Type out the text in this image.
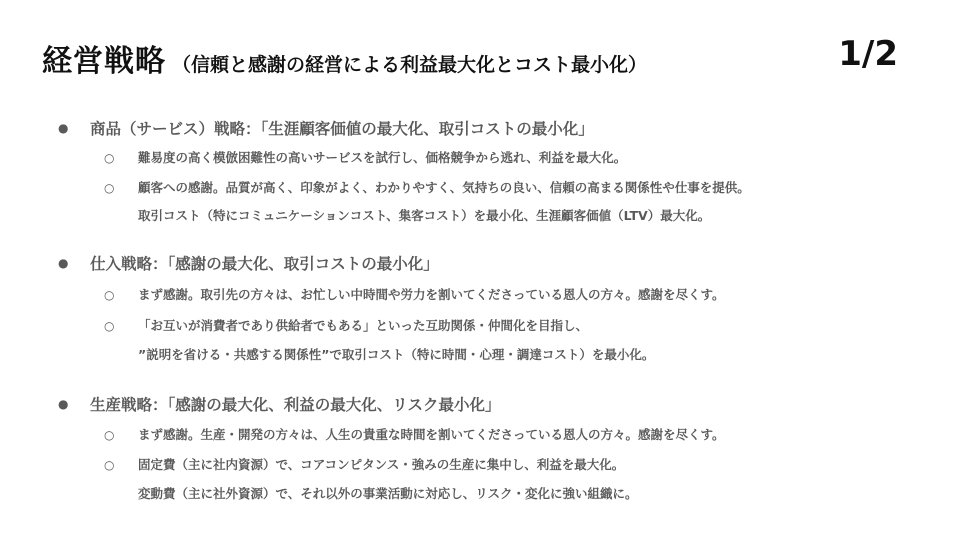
経営戦略 （信頼と感謝の経営による利益最大化とコスト最小化）	1/2
● 商品（サービス）戦略：「生涯顧客価値の最大化、取引コストの最小化」
○ 難易度の高く模倣困難性の高いサービスを試行し、価格競争から逃れ、利益を最大化。
○ 顧客への感謝。品質が高く、印象がよく、わかりやすく、気持ちの良い、信頼の高まる関係性や仕事を提供。
取引コスト（特にコミュニケーションコスト、集客コスト）を最小化、生涯顧客価値（LTV）最大化。
● 仕入戦略：「感謝の最大化、取引コストの最小化」
○ まず感謝。取引先の方々は、お忙しい中時間や労力を割いてくださっている恩人の方々。感謝を尽くす。
○ 「お互いが消費者であり供給者でもある」といった互助関係・仲間化を目指し、
”説明を省ける・共感する関係性”で取引コスト（特に時間・心理・調達コスト）を最小化。
● 生産戦略：「感謝の最大化、利益の最大化、リスク最小化」
○ まず感謝。生産・開発の方々は、人生の貴重な時間を割いてくださっている恩人の方々。感謝を尽くす。
○ 固定費（主に社内資源）で、コアコンピタンス・強みの生産に集中し、利益を最大化。
変動費（主に社外資源）で、それ以外の事業活動に対応し、リスク・変化に強い組織に。
